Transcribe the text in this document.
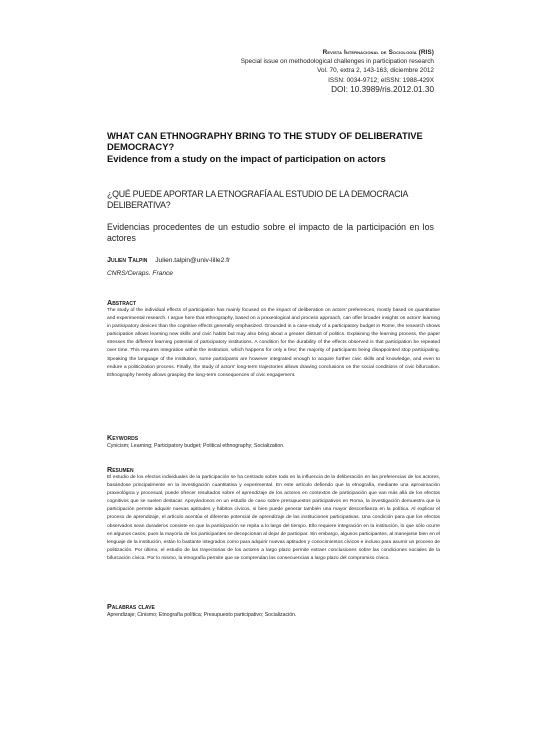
Revista Internacional de Sociología (RIS)
Special issue on methodological challenges in participation research
Vol. 70, extra 2, 143-163, diciembre 2012
ISSN: 0034-9712; eISSN: 1988-429X
DOI: 10.3989/ris.2012.01.30
WHAT CAN ETHNOGRAPHY BRING TO THE STUDY OF DELIBERATIVE DEMOCRACY?
Evidence from a study on the impact of participation on actors
¿QUÉ PUEDE APORTAR LA ETNOGRAFÍA AL ESTUDIO DE LA DEMOCRACIA DELIBERATIVA?
Evidencias procedentes de un estudio sobre el impacto de la participación en los actores
Julien Talpin Julien.talpin@univ-lille2.fr
CNRS/Ceraps. France
Abstract

The study of the individual effects of participation has mainly focused on the impact of deliberation on actors' preferences, mostly based on quantitative and experimental research. I argue here that ethnography, based on a praxeological and process approach, can offer broader insights on actors' learning in participatory devices than the cognitive effects generally emphasized. Grounded in a case-study of a participatory budget in Rome, the research shows participation allows learning new skills and civic habits but may also bring about a greater distrust of politics. Explaining the learning process, the paper stresses the different learning potential of participatory institutions. A condition for the durability of the effects observed is that participation be repeated over time. This requires integration within the institution, which happens for only a few; the majority of participants being disappointed stop participating. Speaking the language of the institution, some participants are however integrated enough to acquire further civic skills and knowledge, and even to endure a politicization process. Finally, the study of actors' long-term trajectories allows drawing conclusions on the social conditions of civic bifurcation. Ethnography hereby allows grasping the long-term consequences of civic engagement.

Keywords

Cynicism; Learning; Participatory budget; Political ethnography; Socialization.

Resumen

El estudio de los efectos individuales de la participación se ha centrado sobre todo en la influencia de la deliberación en las preferencias de los actores, basándose principalmente en la investigación cuantitativa y experimental. En este artículo defiendo que la etnografía, mediante una aproximación praxeológica y procesual, puede ofrecer resultados sobre el aprendizaje de los actores en contextos de participación que van más allá de los efectos cognitivos que se suelen destacar. Apoyándonos en un estudio de caso sobre presupuestos participativos en Roma, la investigación demuestra que la participación permite adquirir nuevas aptitudes y hábitos cívicos, si bien puede generar también una mayor desconfianza en la política. Al explicar el proceso de aprendizaje, el artículo acentúa el diferente potencial de aprendizaje de las instituciones participativas. Una condición para que los efectos observados sean duraderos consiste en que la participación se repita a lo largo del tiempo. Ello requiere integración en la institución, lo que sólo ocurre en algunos casos, pues la mayoría de los participantes se decepcionan al dejar de participar. Sin embargo, algunos participantes, al manejarse bien en el lenguaje de la institución, están lo bastante integrados como para adquirir nuevas aptitudes y conocimientos cívicos e incluso para asumir un proceso de politización. Por último, el estudio de las trayectorias de los actores a largo plazo permite extraer conclusiones sobre las condiciones sociales de la bifurcación cívica. Por lo mismo, la etnografía permite que se comprendan las consecuencias a largo plazo del compromiso cívico.

Palabras clave

Aprendizaje; Cinismo; Etnografía política; Presupuesto participativo; Socialización.
